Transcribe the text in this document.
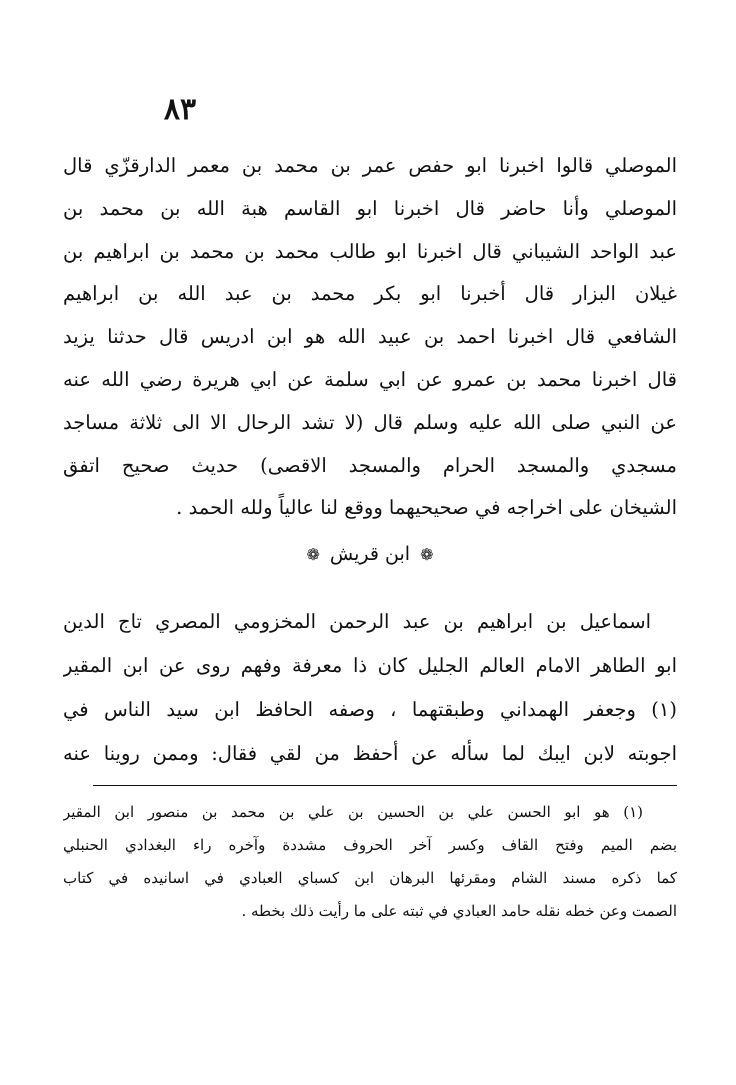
٨٣
الموصلي قالوا اخبرنا ابو حفص عمر بن محمد بن معمر الدارقزّي قال
الموصلي وأنا حاضر قال اخبرنا ابو القاسم هبة الله بن محمد بن
عبد الواحد الشيباني قال اخبرنا ابو طالب محمد بن محمد بن ابراهيم بن
غيلان البزار قال أخبرنا ابو بكر محمد بن عبد الله بن ابراهيم
الشافعي قال اخبرنا احمد بن عبيد الله هو ابن ادريس قال حدثنا يزيد
قال اخبرنا محمد بن عمرو عن ابي سلمة عن ابي هريرة رضي الله عنه
عن النبي صلى الله عليه وسلم قال (لا تشد الرحال الا الى ثلاثة مساجد
مسجدي والمسجد الحرام والمسجد الاقصى) حديث صحيح اتفق
الشيخان على اخراجه في صحيحيهما ووقع لنا عالياً ولله الحمد .
❁ ابن قريش ❁
اسماعيل بن ابراهيم بن عبد الرحمن المخزومي المصري تاج الدين
ابو الطاهر الامام العالم الجليل كان ذا معرفة وفهم روى عن ابن المقير
(١) وجعفر الهمداني وطبقتهما ، وصفه الحافظ ابن سيد الناس في
اجوبته لابن ايبك لما سأله عن أحفظ من لقي فقال: وممن روينا عنه
(١) هو ابو الحسن علي بن الحسين بن علي بن محمد بن منصور ابن المقير
بضم الميم وفتح القاف وكسر آخر الحروف مشددة وآخره راء البغدادي الحنبلي
كما ذكره مسند الشام ومقرئها البرهان ابن كسباي العبادي في اسانيده في كتاب
الصمت وعن خطه نقله حامد العبادي في ثبته على ما رأيت ذلك بخطه .
